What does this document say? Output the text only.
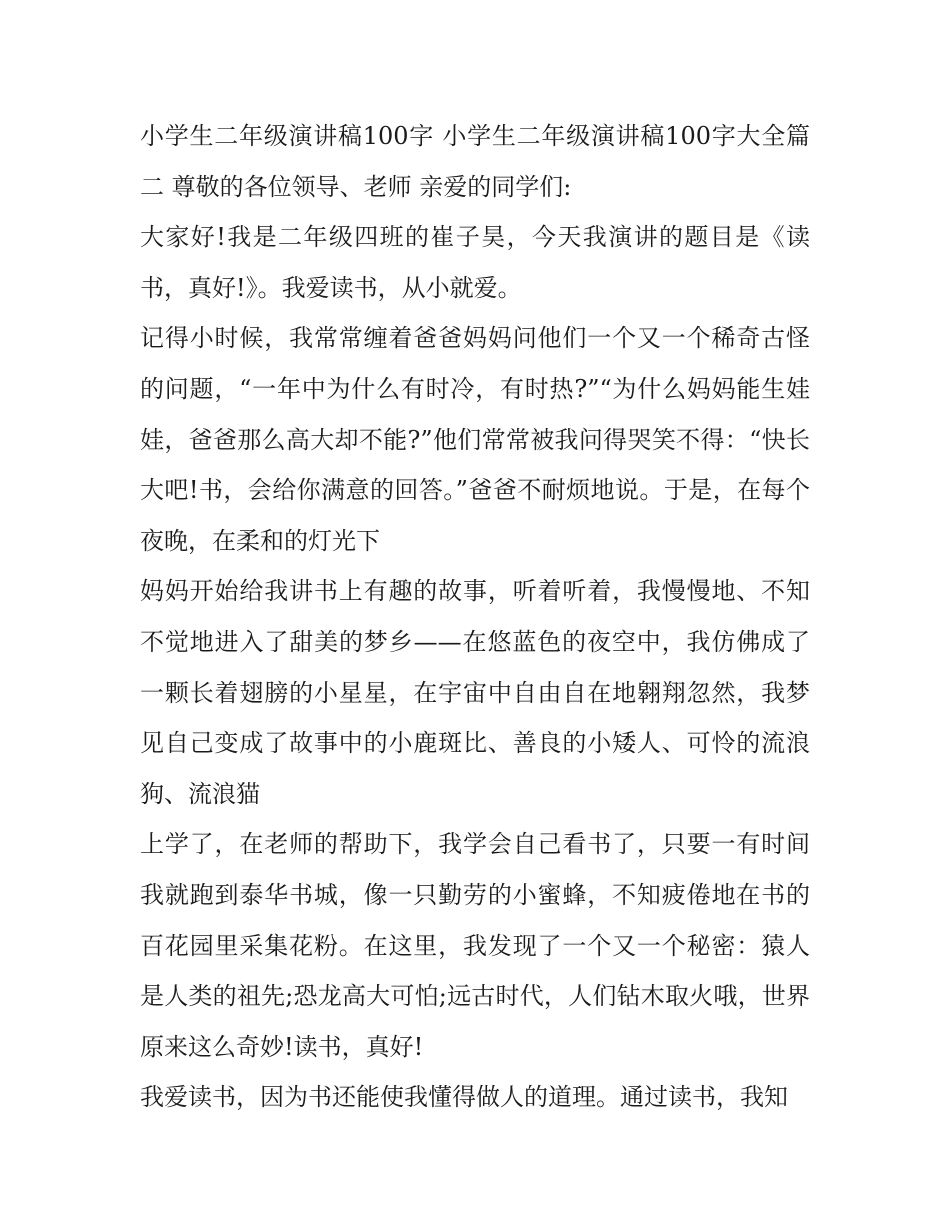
小学生二年级演讲稿100字 小学生二年级演讲稿100字大全篇二 尊敬的各位领导、老师 亲爱的同学们:

大家好!我是二年级四班的崔子昊，今天我演讲的题目是《读书，真好!》。我爱读书，从小就爱。

记得小时候，我常常缠着爸爸妈妈问他们一个又一个稀奇古怪的问题，“一年中为什么有时冷，有时热?”“为什么妈妈能生娃娃，爸爸那么高大却不能?”他们常常被我问得哭笑不得：“快长大吧!书，会给你满意的回答。”爸爸不耐烦地说。于是，在每个夜晚，在柔和的灯光下

妈妈开始给我讲书上有趣的故事，听着听着，我慢慢地、不知不觉地进入了甜美的梦乡——在悠蓝色的夜空中，我仿佛成了一颗长着翅膀的小星星，在宇宙中自由自在地翱翔忽然，我梦见自己变成了故事中的小鹿斑比、善良的小矮人、可怜的流浪狗、流浪猫

上学了，在老师的帮助下，我学会自己看书了，只要一有时间我就跑到泰华书城，像一只勤劳的小蜜蜂，不知疲倦地在书的百花园里采集花粉。在这里，我发现了一个又一个秘密：猿人是人类的祖先;恐龙高大可怕;远古时代，人们钻木取火哦，世界原来这么奇妙!读书，真好!

我爱读书，因为书还能使我懂得做人的道理。通过读书，我知
